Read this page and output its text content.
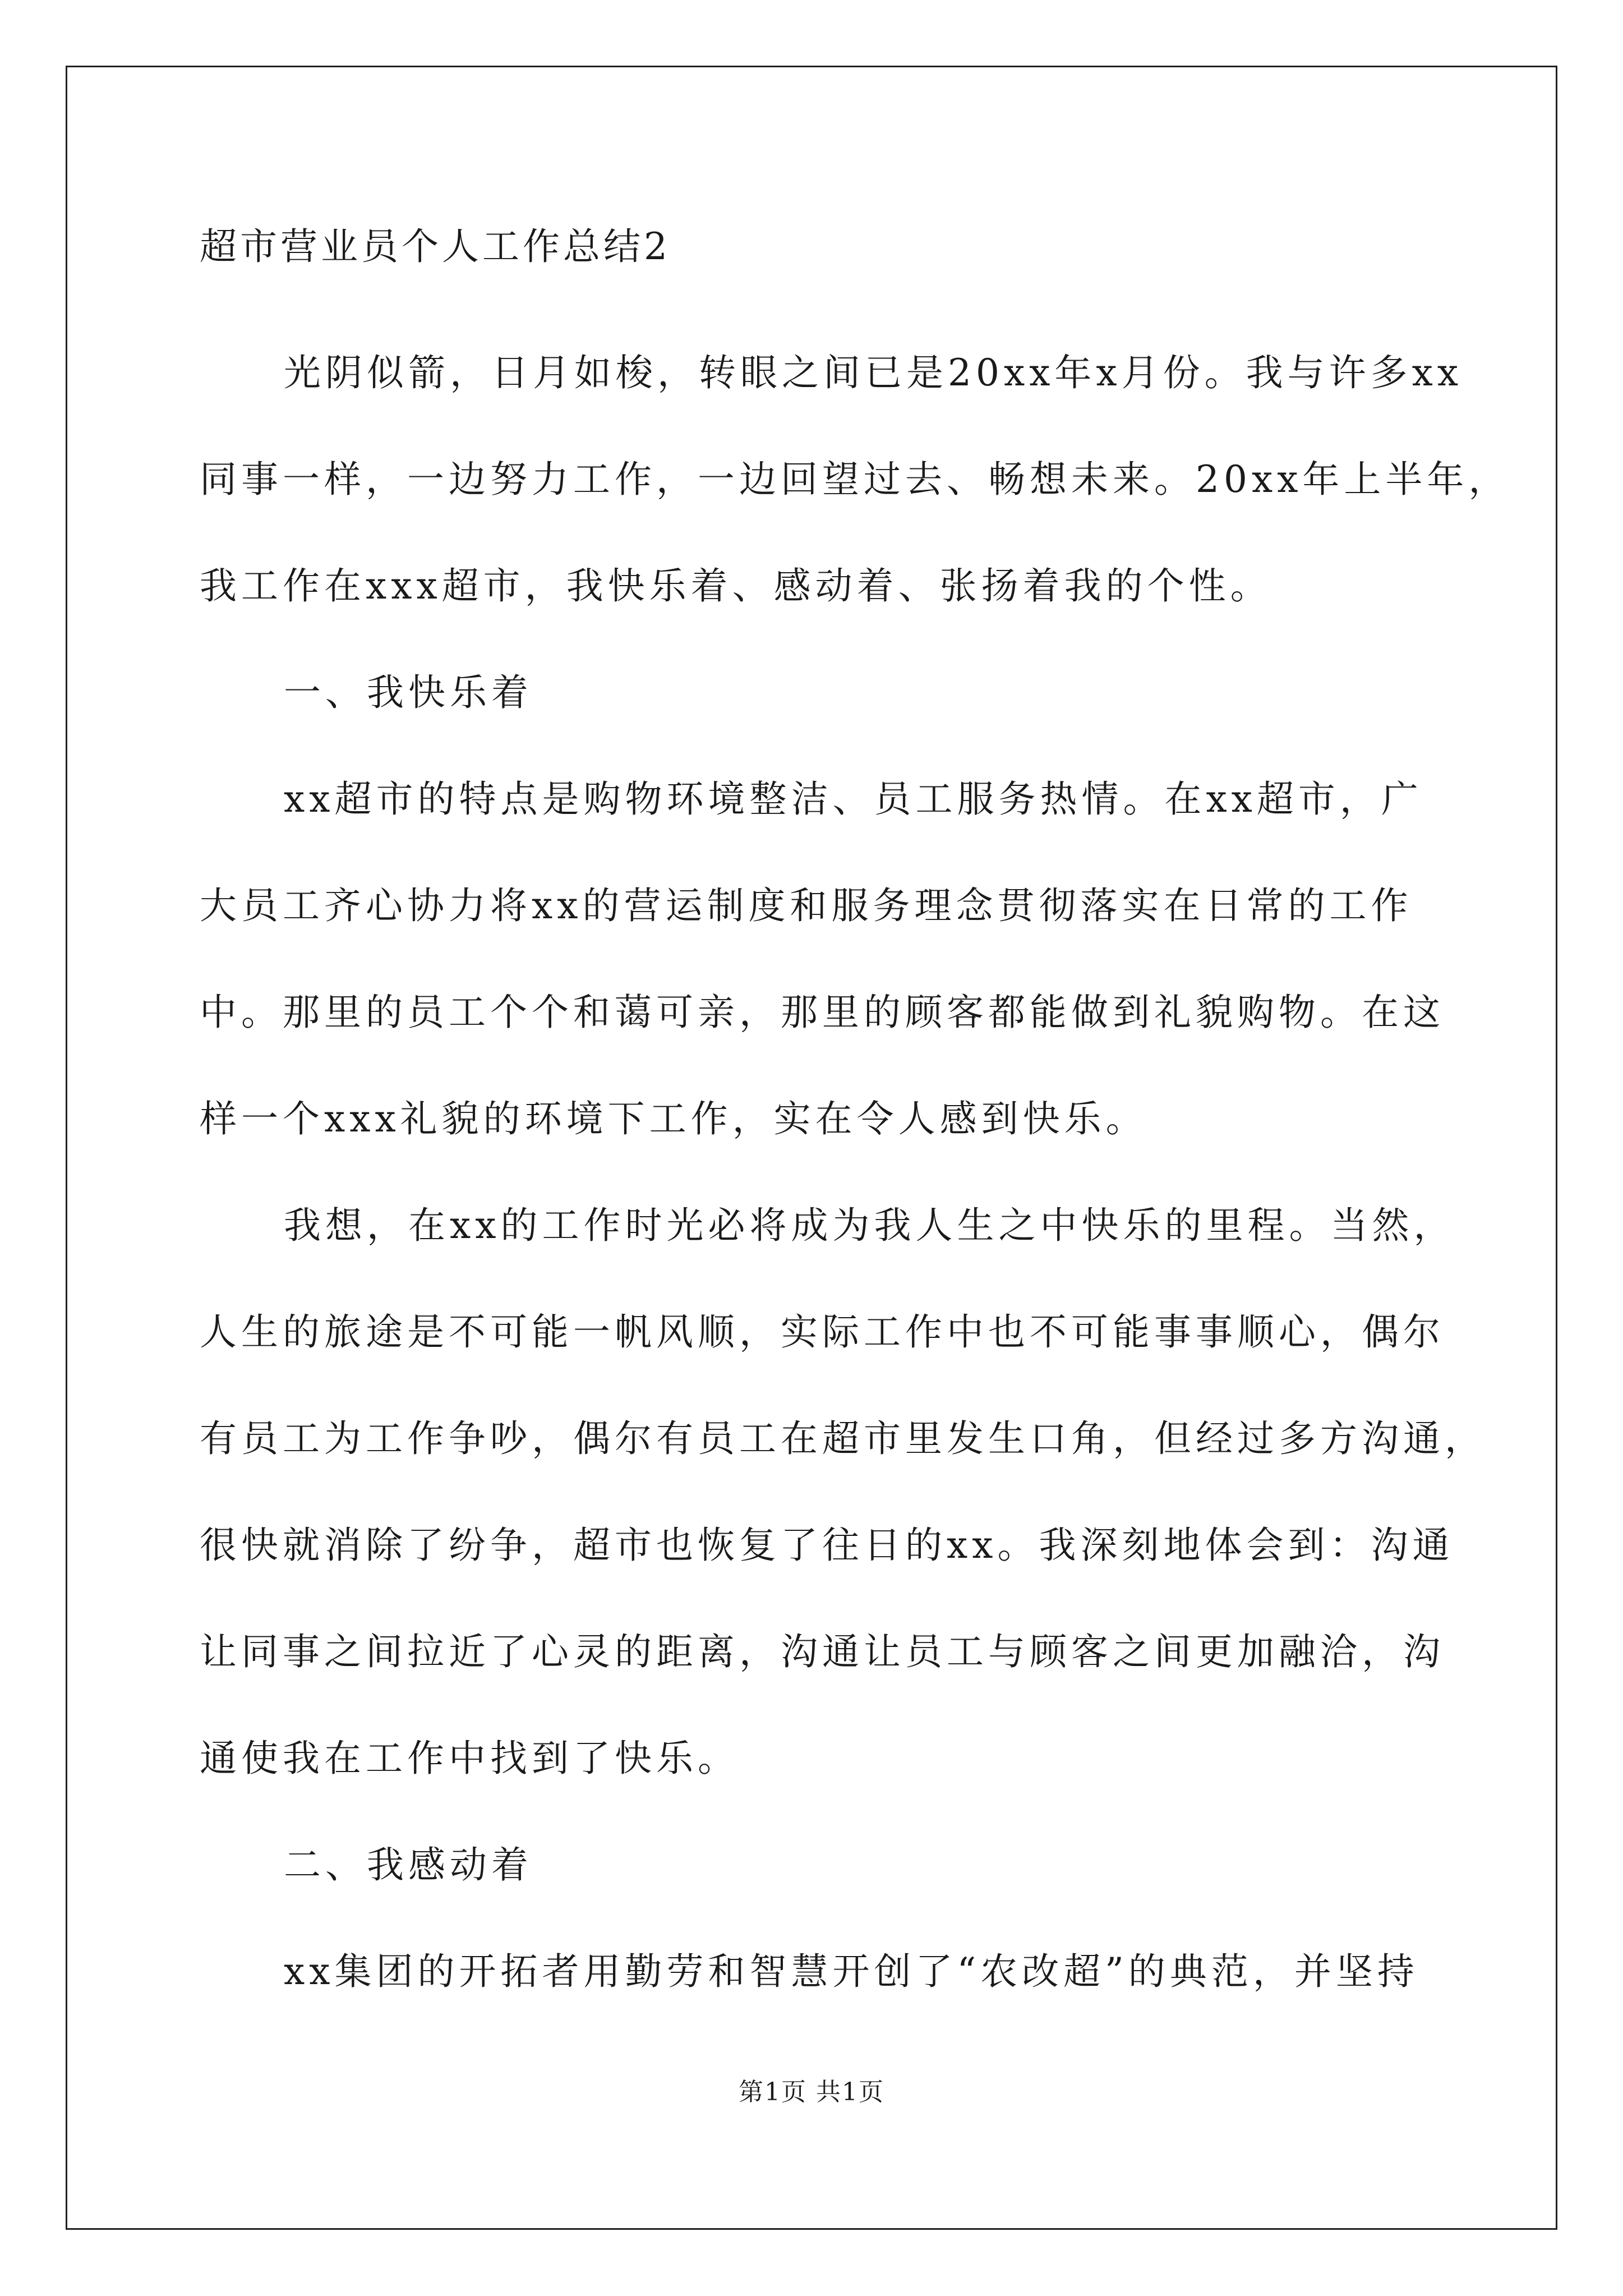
超市营业员个人工作总结2

光阴似箭，日月如梭，转眼之间已是20xx年x月份。我与许多xx

同事一样，一边努力工作，一边回望过去、畅想未来。20xx年上半年，

我工作在xxx超市，我快乐着、感动着、张扬着我的个性。

一、我快乐着

xx超市的特点是购物环境整洁、员工服务热情。在xx超市，广

大员工齐心协力将xx的营运制度和服务理念贯彻落实在日常的工作

中。那里的员工个个和蔼可亲，那里的顾客都能做到礼貌购物。在这

样一个xxx礼貌的环境下工作，实在令人感到快乐。

我想，在xx的工作时光必将成为我人生之中快乐的里程。当然，

人生的旅途是不可能一帆风顺，实际工作中也不可能事事顺心，偶尔

有员工为工作争吵，偶尔有员工在超市里发生口角，但经过多方沟通，

很快就消除了纷争，超市也恢复了往日的xx。我深刻地体会到：沟通

让同事之间拉近了心灵的距离，沟通让员工与顾客之间更加融洽，沟

通使我在工作中找到了快乐。

二、我感动着

xx集团的开拓者用勤劳和智慧开创了“农改超”的典范，并坚持

第1页 共1页
